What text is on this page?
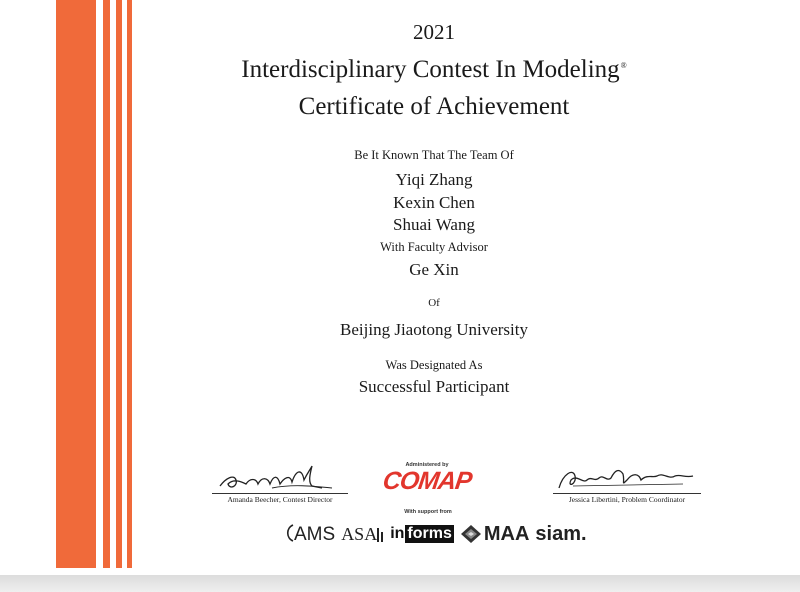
2021
Interdisciplinary Contest In Modeling®
Certificate of Achievement
Be It Known That The Team Of
Yiqi Zhang
Kexin Chen
Shuai Wang
With Faculty Advisor
Ge Xin
Of
Beijing Jiaotong University
Was Designated As
Successful Participant
Amanda Beecher, Contest Director
Administered by
COMAP
With support from
Jessica Libertini, Problem Coordinator
AMS ASA in forms MAA siam.
